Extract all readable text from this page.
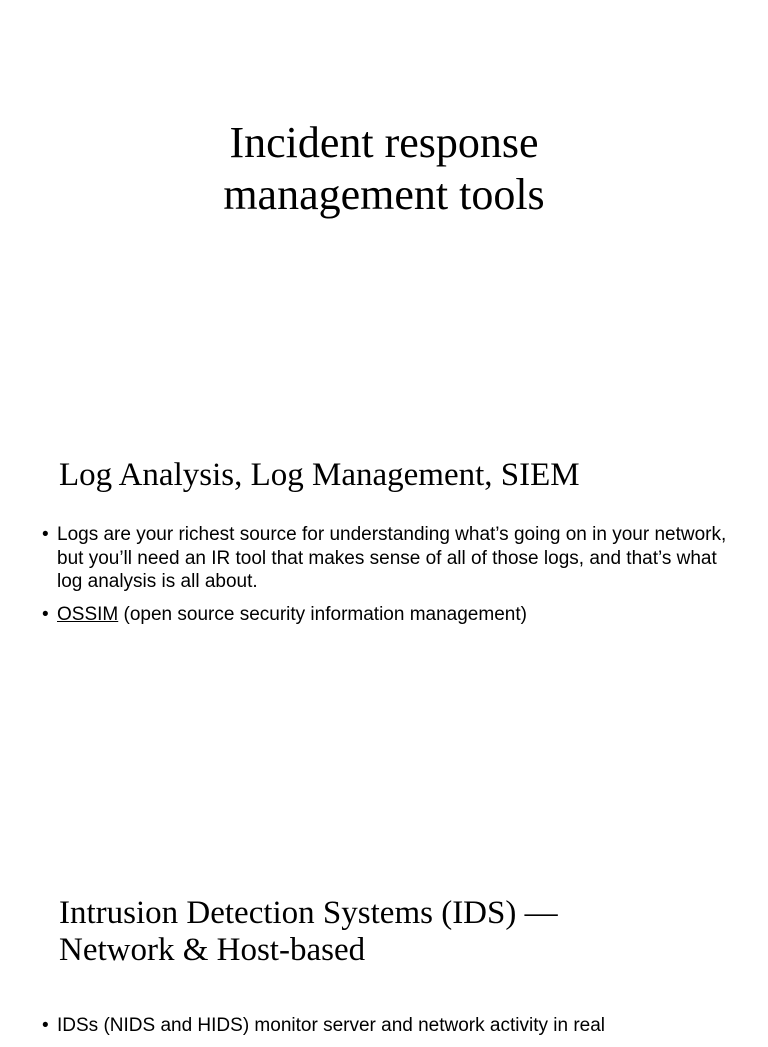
Incident response
management tools
Log Analysis, Log Management, SIEM
• Logs are your richest source for understanding what’s going on in your network, but you’ll need an IR tool that makes sense of all of those logs, and that’s what log analysis is all about.
• OSSIM (open source security information management)
Intrusion Detection Systems (IDS) —
Network & Host-based
• IDSs (NIDS and HIDS) monitor server and network activity in real
